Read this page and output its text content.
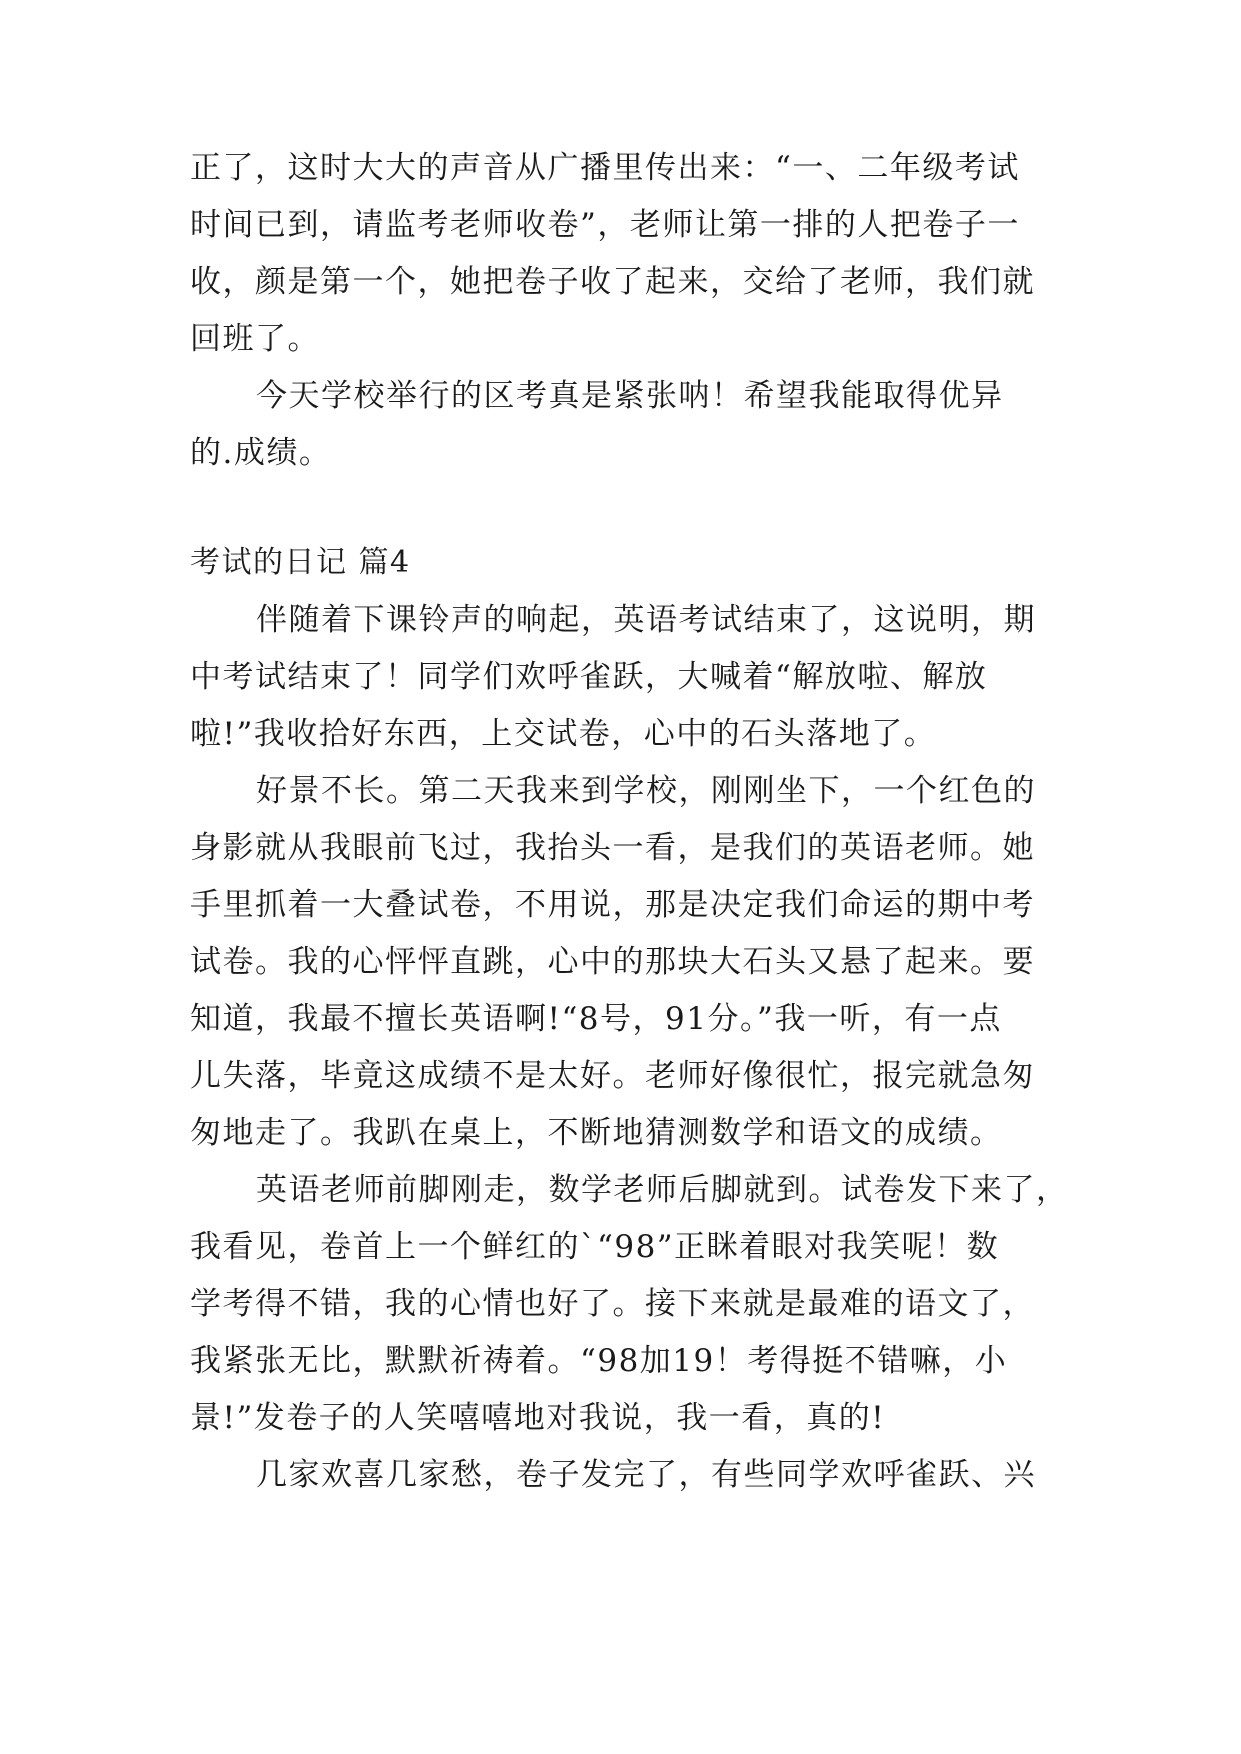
正了，这时大大的声音从广播里传出来：“一、二年级考试
时间已到，请监考老师收卷”，老师让第一排的人把卷子一
收，颜是第一个，她把卷子收了起来，交给了老师，我们就
回班了。
今天学校举行的区考真是紧张呐！希望我能取得优异
的.成绩。
考试的日记 篇4
伴随着下课铃声的响起，英语考试结束了，这说明，期
中考试结束了！同学们欢呼雀跃，大喊着“解放啦、解放
啦!”我收拾好东西，上交试卷，心中的石头落地了。
好景不长。第二天我来到学校，刚刚坐下，一个红色的
身影就从我眼前飞过，我抬头一看，是我们的英语老师。她
手里抓着一大叠试卷，不用说，那是决定我们命运的期中考
试卷。我的心怦怦直跳，心中的那块大石头又悬了起来。要
知道，我最不擅长英语啊!“8号，91分。”我一听，有一点
儿失落，毕竟这成绩不是太好。老师好像很忙，报完就急匆
匆地走了。我趴在桌上，不断地猜测数学和语文的成绩。
英语老师前脚刚走，数学老师后脚就到。试卷发下来了，
我看见，卷首上一个鲜红的`“98”正眯着眼对我笑呢！数
学考得不错，我的心情也好了。接下来就是最难的语文了，
我紧张无比，默默祈祷着。“98加19！考得挺不错嘛，小
景!”发卷子的人笑嘻嘻地对我说，我一看，真的!
几家欢喜几家愁，卷子发完了，有些同学欢呼雀跃、兴
